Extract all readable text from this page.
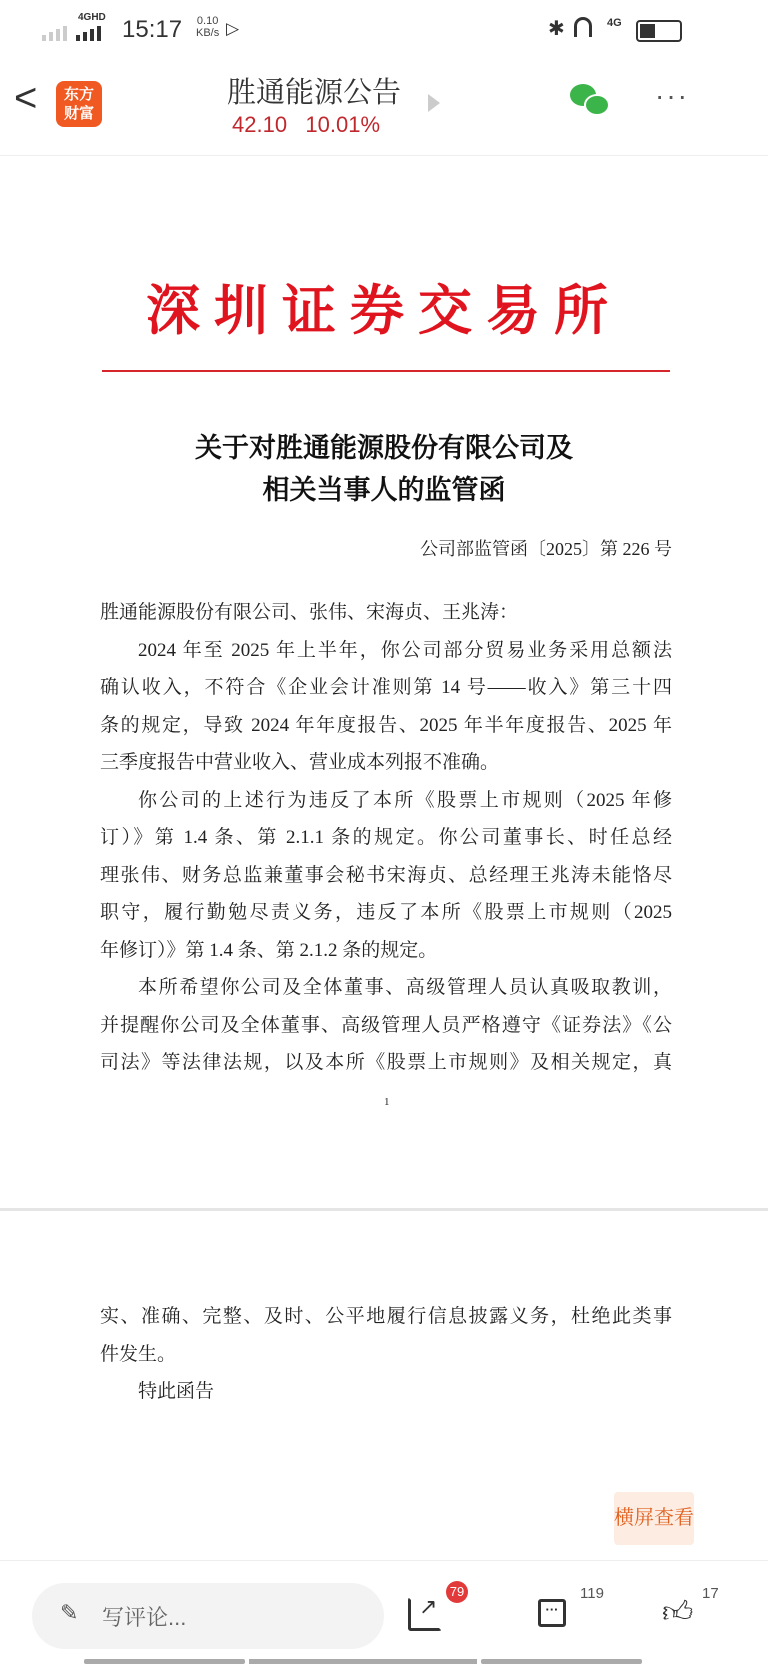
4GHD 15:17 0.10
KB/s ▷	✱	4G
<	东方财富
胜通能源公告
42.10 10.01%
···
深圳证券交易所
关于对胜通能源股份有限公司及
相关当事人的监管函
公司部监管函〔2025〕第 226 号
胜通能源股份有限公司、张伟、宋海贞、王兆涛：
2024 年至 2025 年上半年，你公司部分贸易业务采用总额法
确认收入，不符合《企业会计准则第 14 号——收入》第三十四
条的规定，导致 2024 年年度报告、2025 年半年度报告、2025 年
三季度报告中营业收入、营业成本列报不准确。
你公司的上述行为违反了本所《股票上市规则（2025 年修
订）》第 1.4 条、第 2.1.1 条的规定。你公司董事长、时任总经
理张伟、财务总监兼董事会秘书宋海贞、总经理王兆涛未能恪尽
职守，履行勤勉尽责义务，违反了本所《股票上市规则（2025
年修订）》第 1.4 条、第 2.1.2 条的规定。
本所希望你公司及全体董事、高级管理人员认真吸取教训，
并提醒你公司及全体董事、高级管理人员严格遵守《证券法》《公
司法》等法律法规，以及本所《股票上市规则》及相关规定，真
1
实、准确、完整、及时、公平地履行信息披露义务，杜绝此类事
件发生。
特此函告
横屏查看
✎ 写评论...	↗
79
···
119
👍︎
17
